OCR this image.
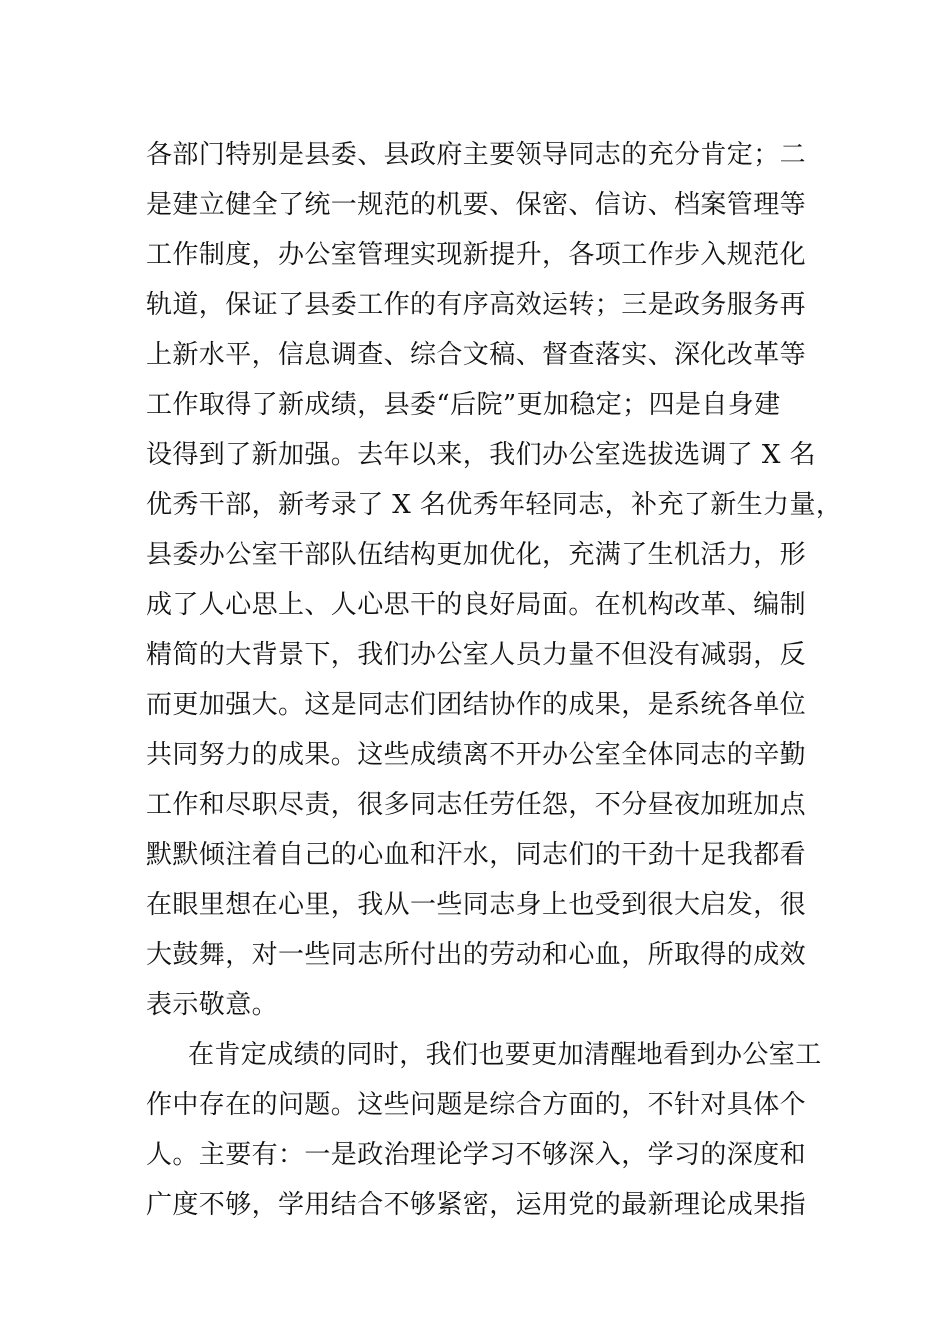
各部门特别是县委、县政府主要领导同志的充分肯定；二
是建立健全了统一规范的机要、保密、信访、档案管理等
工作制度，办公室管理实现新提升，各项工作步入规范化
轨道，保证了县委工作的有序高效运转；三是政务服务再
上新水平，信息调查、综合文稿、督查落实、深化改革等
工作取得了新成绩，县委“后院”更加稳定；四是自身建
设得到了新加强。去年以来，我们办公室选拔选调了 X 名
优秀干部，新考录了 X 名优秀年轻同志，补充了新生力量，
县委办公室干部队伍结构更加优化，充满了生机活力，形
成了人心思上、人心思干的良好局面。在机构改革、编制
精简的大背景下，我们办公室人员力量不但没有减弱，反
而更加强大。这是同志们团结协作的成果，是系统各单位
共同努力的成果。这些成绩离不开办公室全体同志的辛勤
工作和尽职尽责，很多同志任劳任怨，不分昼夜加班加点
默默倾注着自己的心血和汗水，同志们的干劲十足我都看
在眼里想在心里，我从一些同志身上也受到很大启发，很
大鼓舞，对一些同志所付出的劳动和心血，所取得的成效
表示敬意。
在肯定成绩的同时，我们也要更加清醒地看到办公室工
作中存在的问题。这些问题是综合方面的，不针对具体个
人。主要有：一是政治理论学习不够深入，学习的深度和
广度不够，学用结合不够紧密，运用党的最新理论成果指
